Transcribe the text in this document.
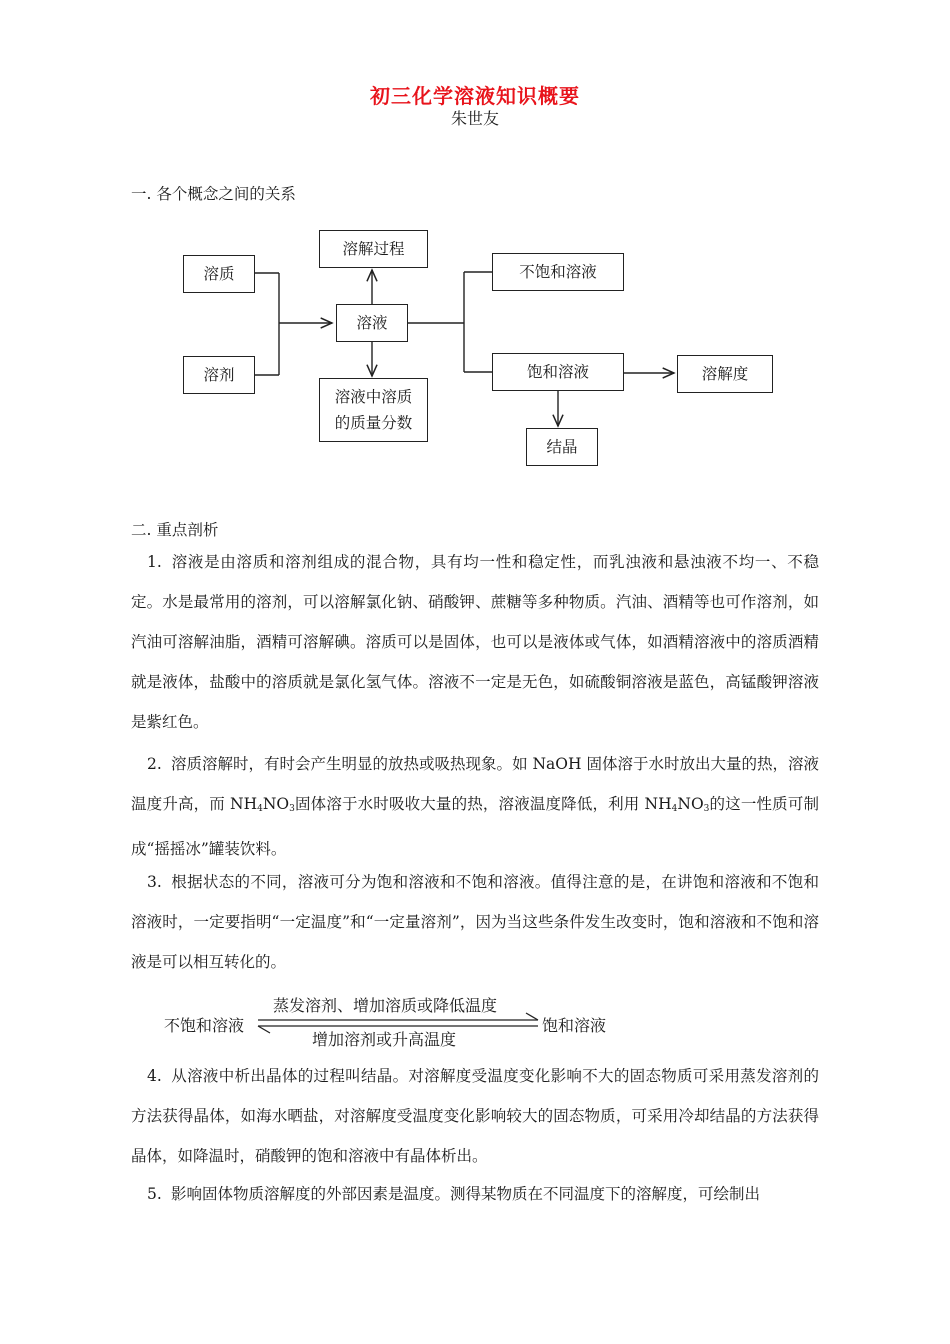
初三化学溶液知识概要
朱世友
一. 各个概念之间的关系
溶质
溶剂
溶解过程
溶液
溶液中溶质
的质量分数
不饱和溶液
饱和溶液	溶解度
结晶
二. 重点剖析
1. 溶液是由溶质和溶剂组成的混合物，具有均一性和稳定性，而乳浊液和悬浊液不均一、不稳定。水是最常用的溶剂，可以溶解氯化钠、硝酸钾、蔗糖等多种物质。汽油、酒精等也可作溶剂，如汽油可溶解油脂，酒精可溶解碘。溶质可以是固体，也可以是液体或气体，如酒精溶液中的溶质酒精就是液体，盐酸中的溶质就是氯化氢气体。溶液不一定是无色，如硫酸铜溶液是蓝色，高锰酸钾溶液是紫红色。
2. 溶质溶解时，有时会产生明显的放热或吸热现象。如 NaOH 固体溶于水时放出大量的热，溶液温度升高，而 $NH_4NO_3$固体溶于水时吸收大量的热，溶液温度降低，利用 $NH_4NO_3$的这一性质可制成“摇摇冰”罐装饮料。
3. 根据状态的不同，溶液可分为饱和溶液和不饱和溶液。值得注意的是，在讲饱和溶液和不饱和溶液时，一定要指明“一定温度”和“一定量溶剂”，因为当这些条件发生改变时，饱和溶液和不饱和溶液是可以相互转化的。
不饱和溶液	饱和溶液
蒸发溶剂、增加溶质或降低温度
增加溶剂或升高温度
4. 从溶液中析出晶体的过程叫结晶。对溶解度受温度变化影响不大的固态物质可采用蒸发溶剂的方法获得晶体，如海水晒盐，对溶解度受温度变化影响较大的固态物质，可采用冷却结晶的方法获得晶体，如降温时，硝酸钾的饱和溶液中有晶体析出。
5. 影响固体物质溶解度的外部因素是温度。测得某物质在不同温度下的溶解度，可绘制出
